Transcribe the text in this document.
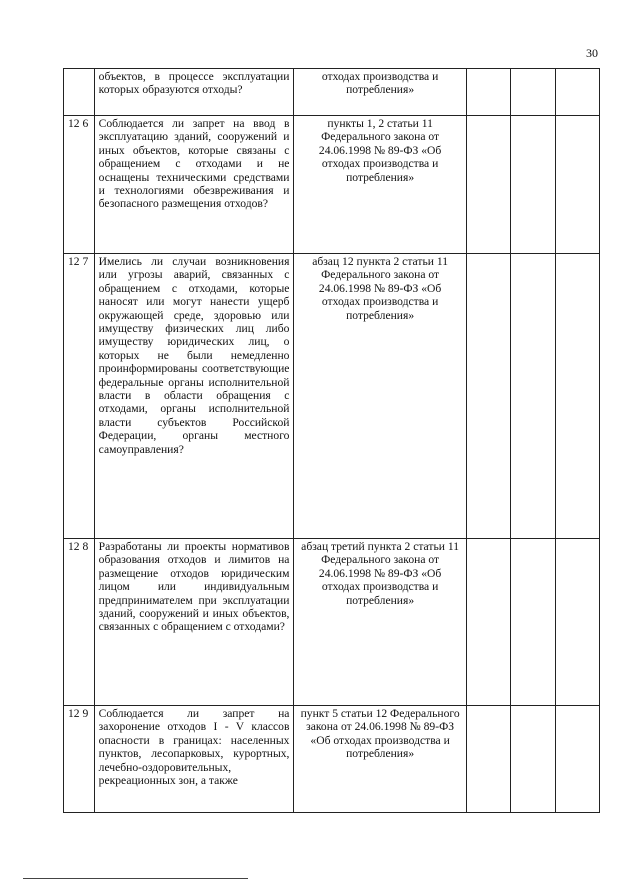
30
	объектов, в процессе эксплуатации которых образуются отходы?	отходах производства и потребления»			
12 6	Соблюдается ли запрет на ввод в эксплуатацию зданий, сооружений и иных объектов, которые связаны с обращением с отходами и не оснащены техническими средствами и технологиями обезвреживания и безопасного размещения отходов?	пункты 1, 2 статьи 11 Федерального закона от 24.06.1998 № 89-ФЗ «Об отходах производства и потребления»			
12 7	Имелись ли случаи возникновения или угрозы аварий, связанных с обращением с отходами, которые наносят или могут нанести ущерб окружающей среде, здоровью или имуществу физических лиц либо имуществу юридических лиц, о которых не были немедленно проинформированы соответствующие федеральные органы исполнительной власти в области обращения с отходами, органы исполнительной власти субъектов Российской Федерации, органы местного самоуправления?	абзац 12 пункта 2 статьи 11 Федерального закона от 24.06.1998 № 89-ФЗ «Об отходах производства и потребления»			
12 8	Разработаны ли проекты нормативов образования отходов и лимитов на размещение отходов юридическим лицом или индивидуальным предпринимателем при эксплуатации зданий, сооружений и иных объектов, связанных с обращением с отходами?	абзац третий пункта 2 статьи 11 Федерального закона от 24.06.1998 № 89-ФЗ «Об отходах производства и потребления»			
12 9	Соблюдается ли запрет на захоронение отходов I - V классов опасности в границах: населенных пунктов, лесопарковых, курортных, лечебно-оздоровительных, рекреационных зон, а также	пункт 5 статьи 12 Федерального закона от 24.06.1998 № 89-ФЗ «Об отходах производства и потребления»			
